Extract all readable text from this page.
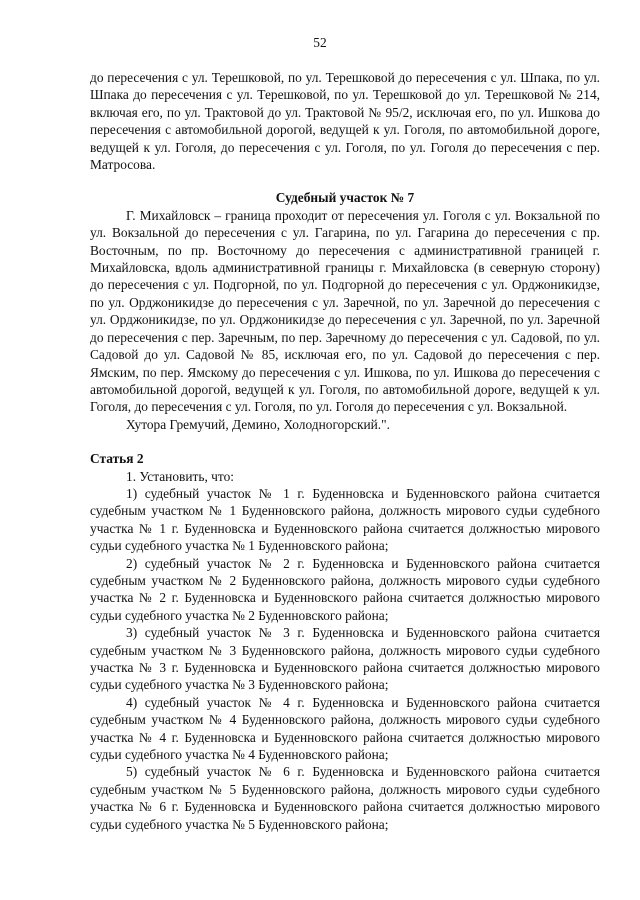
52

до пересечения с ул. Терешковой, по ул. Терешковой до пересечения с ул. Шпака, по ул. Шпака до пересечения с ул. Терешковой, по ул. Терешковой до ул. Терешковой № 214, включая его, по ул. Трактовой до ул. Трактовой № 95/2, исключая его, по ул. Ишкова до пересечения с автомобильной дорогой, ведущей к ул. Гоголя, по автомобильной дороге, ведущей к ул. Гоголя, до пересечения с ул. Гоголя, по ул. Гоголя до пересечения с пер. Матросова.

Судебный участок № 7

Г. Михайловск – граница проходит от пересечения ул. Гоголя с ул. Вокзальной по ул. Вокзальной до пересечения с ул. Гагарина, по ул. Гагарина до пересечения с пр. Восточным, по пр. Восточному до пересечения с административной границей г. Михайловска, вдоль административной границы г. Михайловска (в северную сторону) до пересечения с ул. Подгорной, по ул. Подгорной до пересечения с ул. Орджоникидзе, по ул. Орджоникидзе до пересечения с ул. Заречной, по ул. Заречной до пересечения с ул. Орджоникидзе, по ул. Орджоникидзе до пересечения с ул. Заречной, по ул. Заречной до пересечения с пер. Заречным, по пер. Заречному до пересечения с ул. Садовой, по ул. Садовой до ул. Садовой № 85, исключая его, по ул. Садовой до пересечения с пер. Ямским, по пер. Ямскому до пересечения с ул. Ишкова, по ул. Ишкова до пересечения с автомобильной дорогой, ведущей к ул. Гоголя, по автомобильной дороге, ведущей к ул. Гоголя, до пересечения с ул. Гоголя, по ул. Гоголя до пересечения с ул. Вокзальной.

Хутора Гремучий, Демино, Холодногорский.".

Статья 2

1. Установить, что:

1) судебный участок № 1 г. Буденновска и Буденновского района считается судебным участком № 1 Буденновского района, должность мирового судьи судебного участка № 1 г. Буденновска и Буденновского района считается должностью мирового судьи судебного участка № 1 Буденновского района;

2) судебный участок № 2 г. Буденновска и Буденновского района считается судебным участком № 2 Буденновского района, должность мирового судьи судебного участка № 2 г. Буденновска и Буденновского района считается должностью мирового судьи судебного участка № 2 Буденновского района;

3) судебный участок № 3 г. Буденновска и Буденновского района считается судебным участком № 3 Буденновского района, должность мирового судьи судебного участка № 3 г. Буденновска и Буденновского района считается должностью мирового судьи судебного участка № 3 Буденновского района;

4) судебный участок № 4 г. Буденновска и Буденновского района считается судебным участком № 4 Буденновского района, должность мирового судьи судебного участка № 4 г. Буденновска и Буденновского района считается должностью мирового судьи судебного участка № 4 Буденновского района;

5) судебный участок № 6 г. Буденновска и Буденновского района считается судебным участком № 5 Буденновского района, должность мирового судьи судебного участка № 6 г. Буденновска и Буденновского района считается должностью мирового судьи судебного участка № 5 Буденновского района;
